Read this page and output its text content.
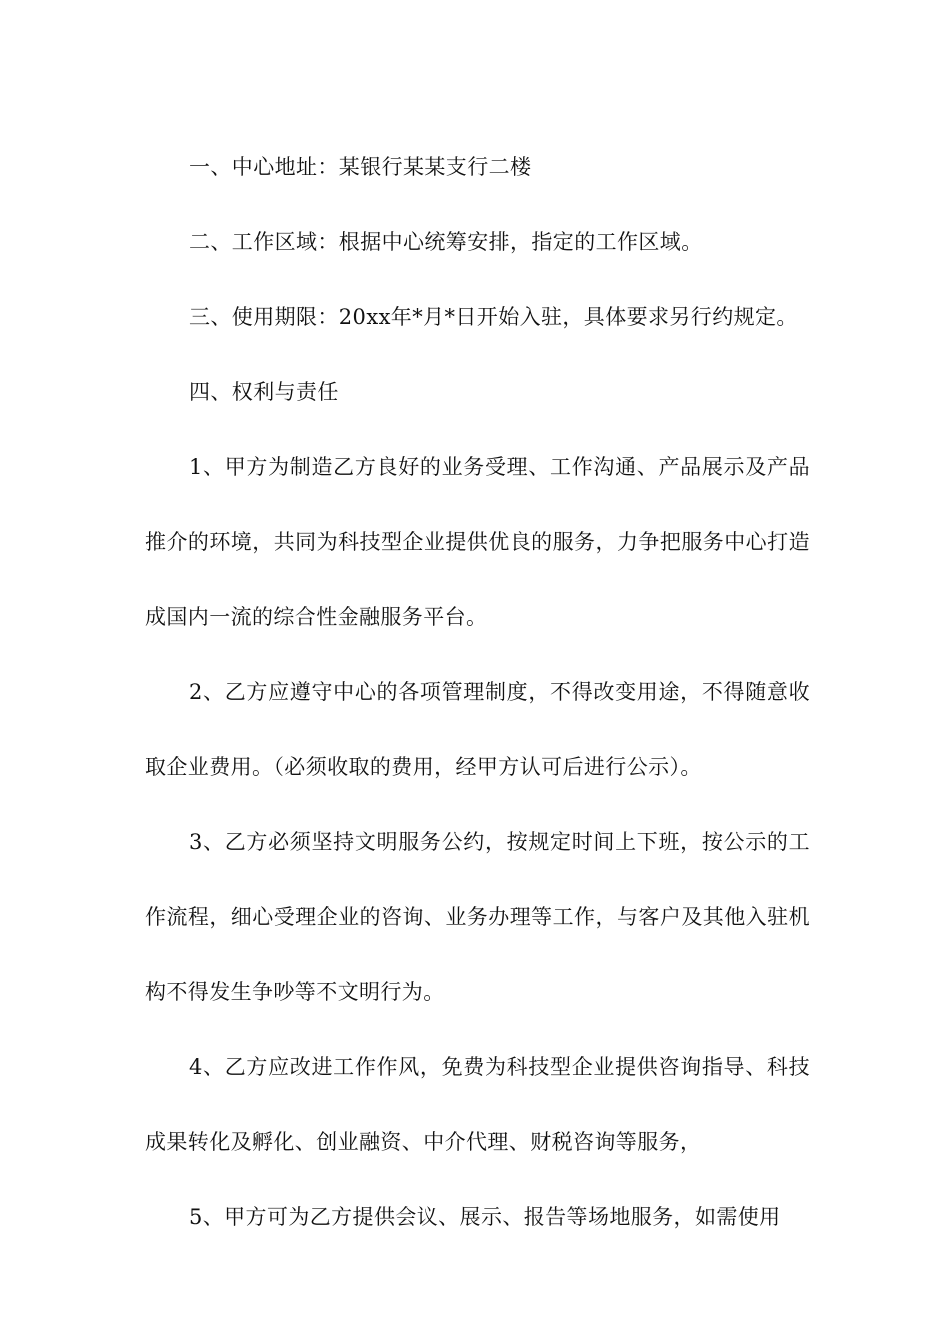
一、中心地址：某银行某某支行二楼

二、工作区域：根据中心统筹安排，指定的工作区域。

三、使用期限：20xx年*月*日开始入驻，具体要求另行约规定。

四、权利与责任

1、甲方为制造乙方良好的业务受理、工作沟通、产品展示及产品推介的环境，共同为科技型企业提供优良的服务，力争把服务中心打造成国内一流的综合性金融服务平台。

2、乙方应遵守中心的各项管理制度，不得改变用途，不得随意收取企业费用。（必须收取的费用，经甲方认可后进行公示）。

3、乙方必须坚持文明服务公约，按规定时间上下班，按公示的工作流程，细心受理企业的咨询、业务办理等工作，与客户及其他入驻机构不得发生争吵等不文明行为。

4、乙方应改进工作作风，免费为科技型企业提供咨询指导、科技成果转化及孵化、创业融资、中介代理、财税咨询等服务，

5、甲方可为乙方提供会议、展示、报告等场地服务，如需使用
